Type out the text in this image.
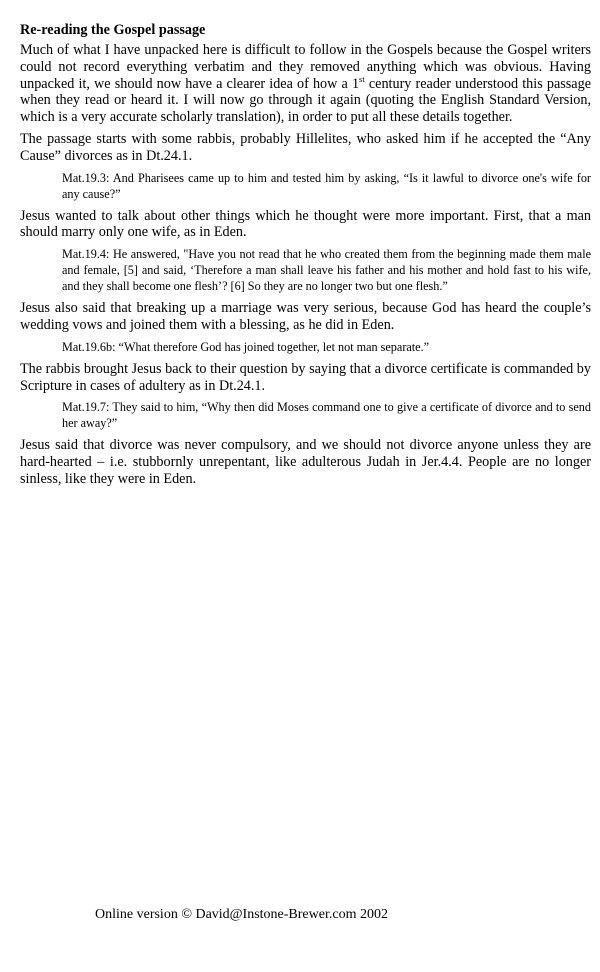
Re-reading the Gospel passage

Much of what I have unpacked here is difficult to follow in the Gospels because the Gospel writers could not record everything verbatim and they removed anything which was obvious. Having unpacked it, we should now have a clearer idea of how a 1st century reader understood this passage when they read or heard it. I will now go through it again (quoting the English Standard Version, which is a very accurate scholarly translation), in order to put all these details together.

The passage starts with some rabbis, probably Hillelites, who asked him if he accepted the “Any Cause” divorces as in Dt.24.1.

Mat.19.3: And Pharisees came up to him and tested him by asking, “Is it lawful to divorce one's wife for any cause?”

Jesus wanted to talk about other things which he thought were more important. First, that a man should marry only one wife, as in Eden.

Mat.19.4: He answered, "Have you not read that he who created them from the beginning made them male and female, [5] and said, ‘Therefore a man shall leave his father and his mother and hold fast to his wife, and they shall become one flesh’? [6] So they are no longer two but one flesh.”

Jesus also said that breaking up a marriage was very serious, because God has heard the couple’s wedding vows and joined them with a blessing, as he did in Eden.

Mat.19.6b: “What therefore God has joined together, let not man separate.”

The rabbis brought Jesus back to their question by saying that a divorce certificate is commanded by Scripture in cases of adultery as in Dt.24.1.

Mat.19.7: They said to him, “Why then did Moses command one to give a certificate of divorce and to send her away?”

Jesus said that divorce was never compulsory, and we should not divorce anyone unless they are hard-hearted – i.e. stubbornly unrepentant, like adulterous Judah in Jer.4.4. People are no longer sinless, like they were in Eden.

Online version © David@Instone-Brewer.com 2002
